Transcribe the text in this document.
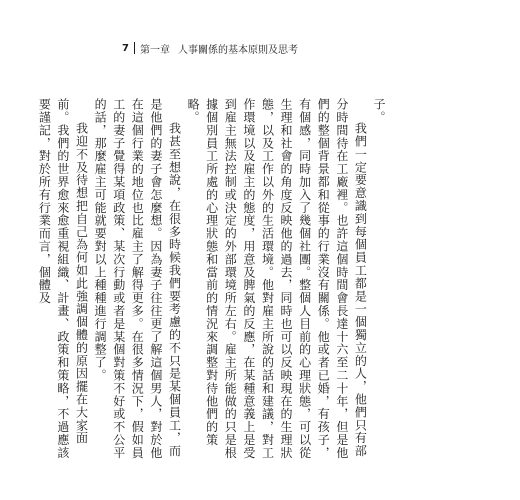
7 第一章 人事關係的基本原則及思考

子。

我們一定要意識到每個員工都是一個獨立的人，他們只有部分時間待在工廠裡。也許這個時間會長達十六至二十年，但是他們的整個背景都和從事的行業沒有關係。他或者已婚，有孩子，有個感，同時加入了幾個社團。整個人目前的心理狀態，可以從生理和社會的角度反映他的過去，同時也可以反映現在的生理狀態，以及工作以外的生活環境。他對雇主所說的話和建議，對工作環境以及雇主的態度，用意及脾氣的反應，在某種意義上是受到雇主無法控制或決定的外部環境所左右。雇主所能做的只是根據個別員工所處的心理狀態和當前的情況來調整對待他們的策略。

我甚至想說，在很多時候我們要考慮的不只是某個員工，而是他們的妻子會怎麼想。因為妻子往往更了解這個男人，對於他在這個行業的地位也比雇主了解得更多。在很多情況下，假如員工的妻子覺得某項政策、某次行動或者是某個對策不好或不公平的話，那麼雇主可能就要對以上種種進行調整了。

我迎不及待想把自己為何如此強調個體的原因擺在大家面前。我們的世界愈來愈重視組織、計畫、政策和策略，不過應該要謹記，對於所有行業而言，個體及
